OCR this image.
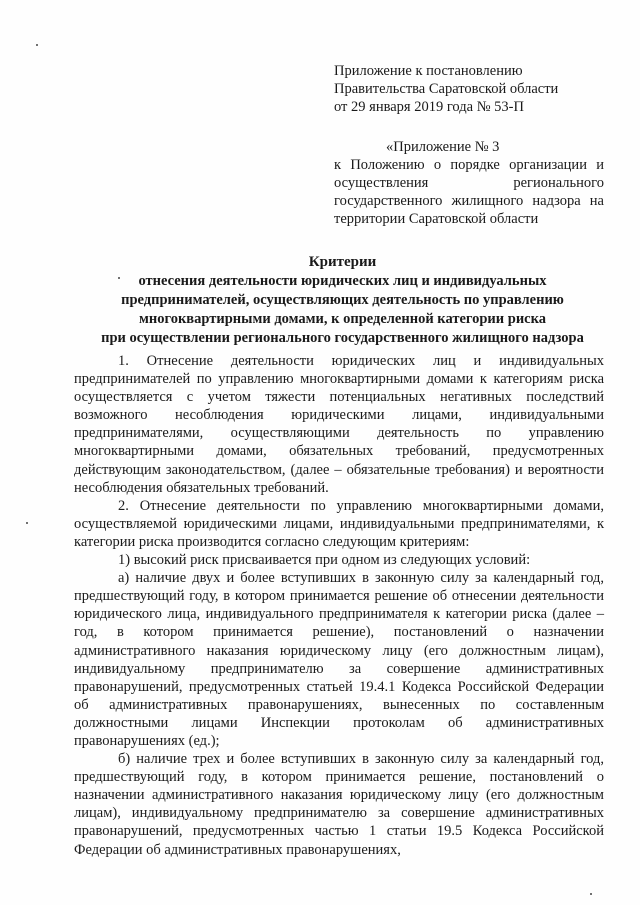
Приложение к постановлению
Правительства Саратовской области
от 29 января 2019 года № 53-П
«Приложение № 3
к Положению о порядке организации и осуществления регионального государственного жилищного надзора на территории Саратовской области
Критерии
отнесения деятельности юридических лиц и индивидуальных
предпринимателей, осуществляющих деятельность по управлению
многоквартирными домами, к определенной категории риска
при осуществлении регионального государственного жилищного надзора

1. Отнесение деятельности юридических лиц и индивидуальных предпринимателей по управлению многоквартирными домами к категориям риска осуществляется с учетом тяжести потенциальных негативных последствий возможного несоблюдения юридическими лицами, индивидуальными предпринимателями, осуществляющими деятельность по управлению многоквартирными домами, обязательных требований, предусмотренных действующим законодательством, (далее – обязательные требования) и вероятности несоблюдения обязательных требований.

2. Отнесение деятельности по управлению многоквартирными домами, осуществляемой юридическими лицами, индивидуальными предпринимателями, к категории риска производится согласно следующим критериям:

1) высокий риск присваивается при одном из следующих условий:

а) наличие двух и более вступивших в законную силу за календарный год, предшествующий году, в котором принимается решение об отнесении деятельности юридического лица, индивидуального предпринимателя к категории риска (далее – год, в котором принимается решение), постановлений о назначении административного наказания юридическому лицу (его должностным лицам), индивидуальному предпринимателю за совершение административных правонарушений, предусмотренных статьей 19.4.1 Кодекса Российской Федерации об административных правонарушениях, вынесенных по составленным должностными лицами Инспекции протоколам об административных правонарушениях (ед.);

б) наличие трех и более вступивших в законную силу за календарный год, предшествующий году, в котором принимается решение, постановлений о назначении административного наказания юридическому лицу (его должностным лицам), индивидуальному предпринимателю за совершение административных правонарушений, предусмотренных частью 1 статьи 19.5 Кодекса Российской Федерации об административных правонарушениях,
